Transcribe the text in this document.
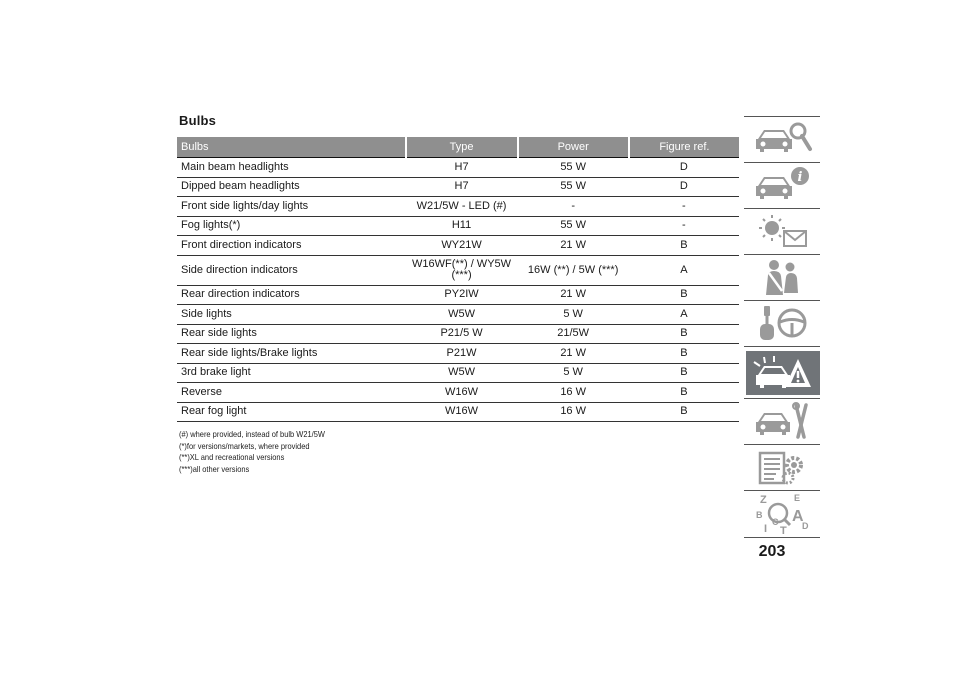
Bulbs
Bulbs	Type	Power	Figure ref.
Main beam headlights	H7	55 W	D
Dipped beam headlights	H7	55 W	D
Front side lights/day lights	W21/5W - LED (#)	-	-
Fog lights(*)	H11	55 W	-
Front direction indicators	WY21W	21 W	B
Side direction indicators	W16WF(**) / WY5W (***)	16W (**) / 5W (***)	A
Rear direction indicators	PY2IW	21 W	B
Side lights	W5W	5 W	A
Rear side lights	P21/5 W	21/5W	B
Rear side lights/Brake lights	P21W	21 W	B
3rd brake light	W5W	5 W	B
Reverse	W16W	16 W	B
Rear fog light	W16W	16 W	B
(#) where provided, instead of bulb W21/5W
(*)for versions/markets, where provided
(**)XL and recreational versions
(***)all other versions
i
Z	E
B A
I
C
T D
203
